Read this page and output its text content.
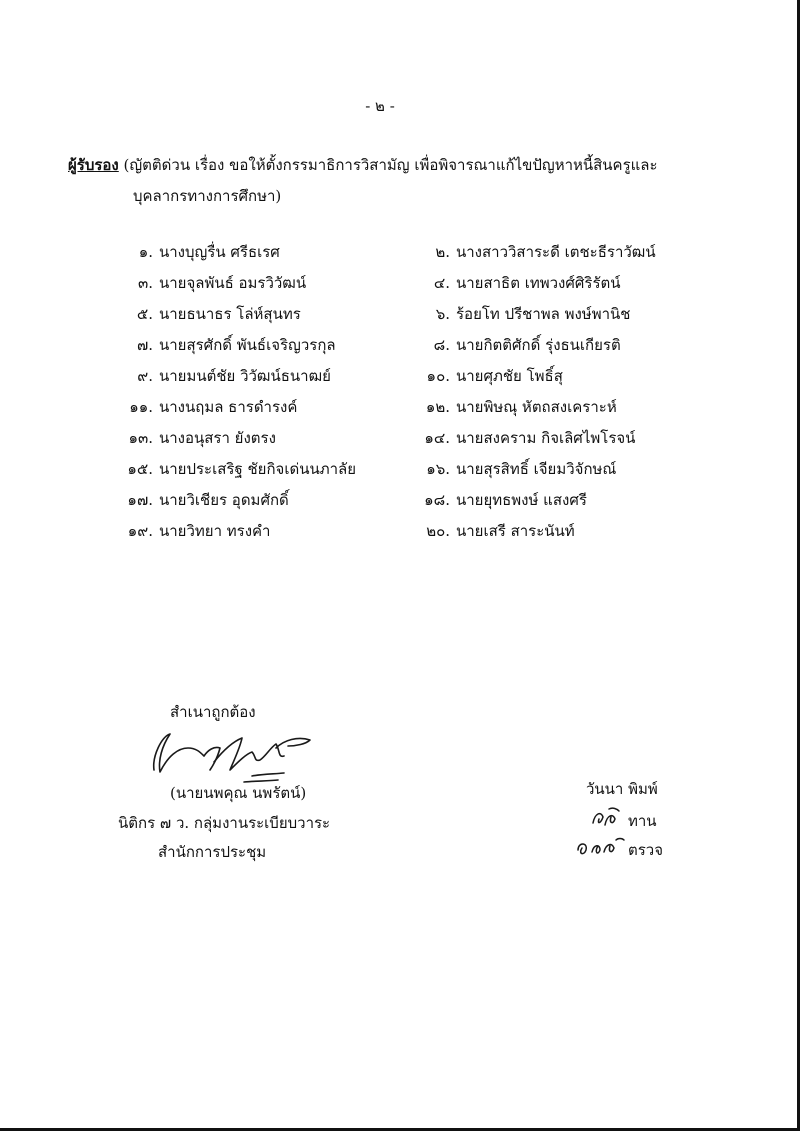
- ๒ -
ผู้รับรอง (ญัตติด่วน เรื่อง ขอให้ตั้งกรรมาธิการวิสามัญ เพื่อพิจารณาแก้ไขปัญหาหนี้สินครูและ
บุคลากรทางการศึกษา)
๑. นางบุญรื่น ศรีธเรศ
๓. นายจุลพันธ์ อมรวิวัฒน์
๕. นายธนาธร โล่ห์สุนทร
๗. นายสุรศักดิ์ พันธ์เจริญวรกุล
๙. นายมนต์ชัย วิวัฒน์ธนาฒย์
๑๑. นางนฤมล ธารดำรงค์
๑๓. นางอนุสรา ยังตรง
๑๕. นายประเสริฐ ชัยกิจเด่นนภาลัย
๑๗. นายวิเชียร อุดมศักดิ์
๑๙. นายวิทยา ทรงคำ
๒. นางสาววิสาระดี เตชะธีราวัฒน์
๔. นายสาธิต เทพวงศ์ศิริรัตน์
๖. ร้อยโท ปรีชาพล พงษ์พานิช
๘. นายกิตติศักดิ์ รุ่งธนเกียรติ
๑๐. นายศุภชัย โพธิ์สุ
๑๒. นายพิษณุ หัตถสงเคราะห์
๑๔. นายสงคราม กิจเลิศไพโรจน์
๑๖. นายสุรสิทธิ์ เจียมวิจักษณ์
๑๘. นายยุทธพงษ์ แสงศรี
๒๐. นายเสรี สาระนันท์
สำเนาถูกต้อง
(นายนพคุณ นพรัตน์)
นิติกร ๗ ว. กลุ่มงานระเบียบวาระ
สำนักการประชุม
วันนา พิมพ์
ทาน
ตรวจ
